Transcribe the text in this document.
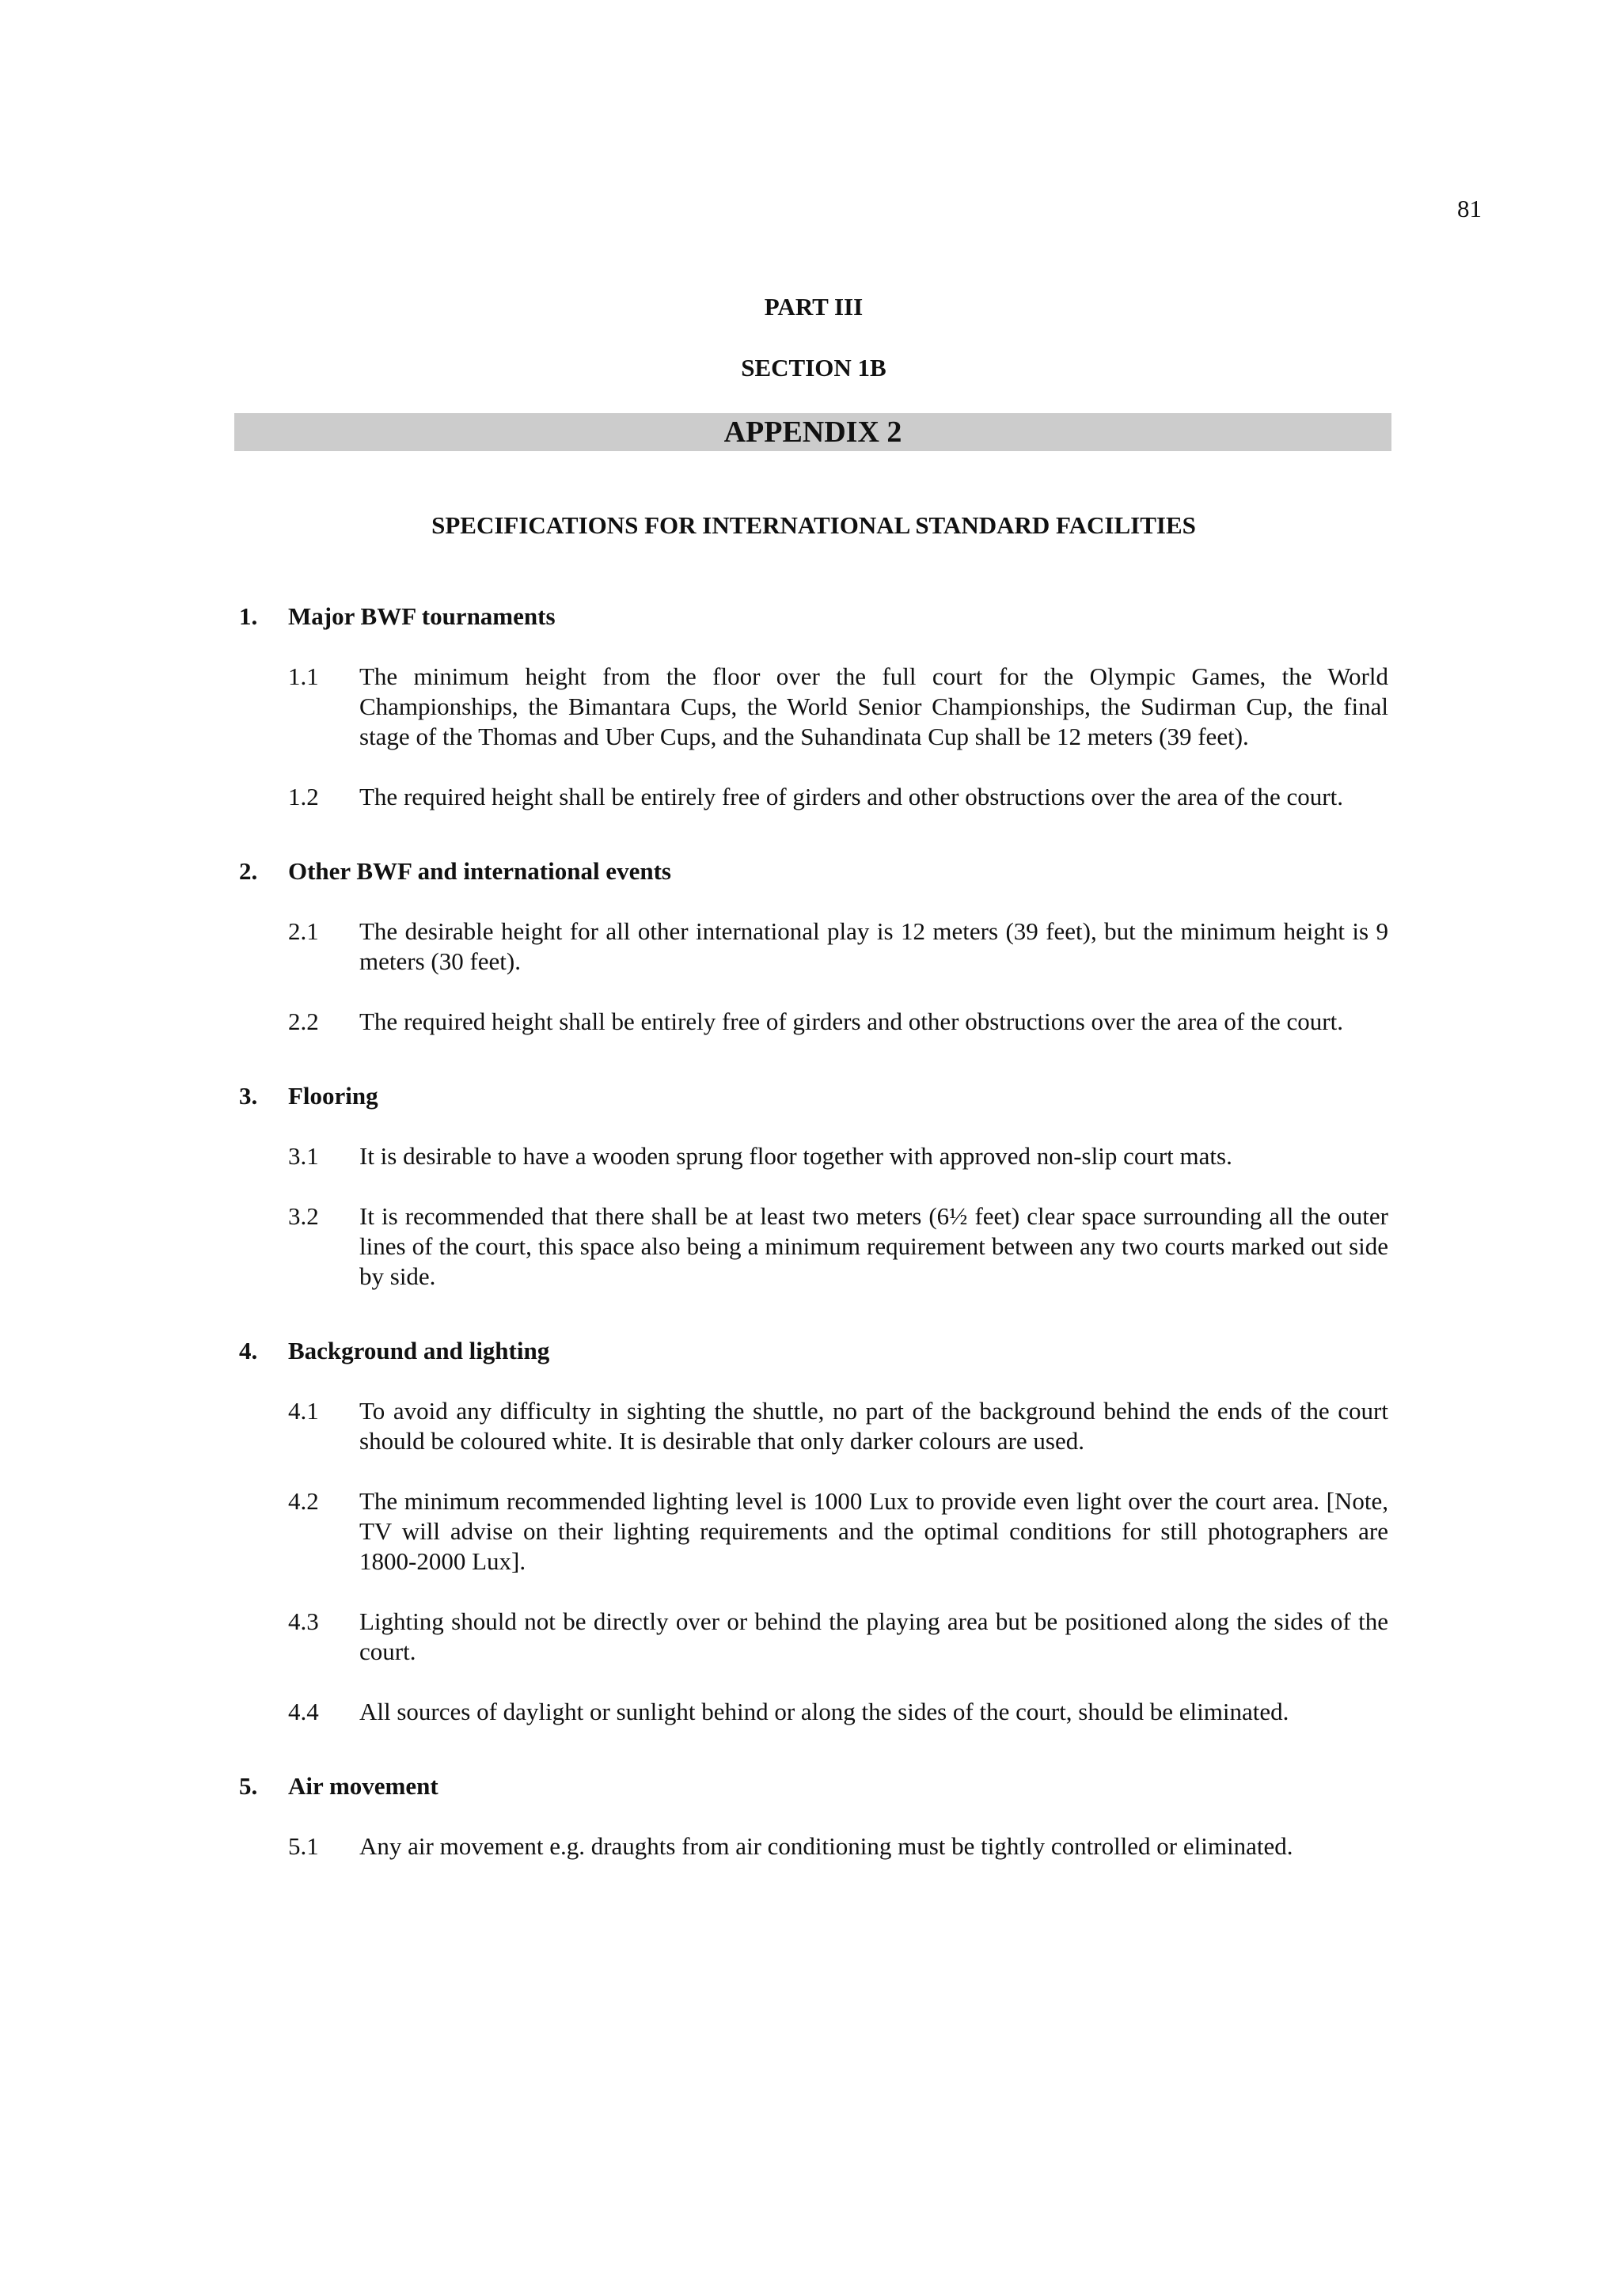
81
PART III
SECTION 1B
APPENDIX 2
SPECIFICATIONS FOR INTERNATIONAL STANDARD FACILITIES
1.	Major BWF tournaments
1.1	The minimum height from the floor over the full court for the Olympic Games, the World Championships, the Bimantara Cups, the World Senior Championships, the Sudirman Cup, the final stage of the Thomas and Uber Cups, and the Suhandinata Cup shall be 12 meters (39 feet).
1.2	The required height shall be entirely free of girders and other obstructions over the area of the court.
2.	Other BWF and international events
2.1	The desirable height for all other international play is 12 meters (39 feet), but the minimum height is 9 meters (30 feet).
2.2	The required height shall be entirely free of girders and other obstructions over the area of the court.
3.	Flooring
3.1	It is desirable to have a wooden sprung floor together with approved non-slip court mats.
3.2	It is recommended that there shall be at least two meters (6½ feet) clear space surrounding all the outer lines of the court, this space also being a minimum requirement between any two courts marked out side by side.
4.	Background and lighting
4.1	To avoid any difficulty in sighting the shuttle, no part of the background behind the ends of the court should be coloured white. It is desirable that only darker colours are used.
4.2	The minimum recommended lighting level is 1000 Lux to provide even light over the court area. [Note, TV will advise on their lighting requirements and the optimal conditions for still photographers are 1800-2000 Lux].
4.3	Lighting should not be directly over or behind the playing area but be positioned along the sides of the court.
4.4	All sources of daylight or sunlight behind or along the sides of the court, should be eliminated.
5.	Air movement
5.1	Any air movement e.g. draughts from air conditioning must be tightly controlled or eliminated.
